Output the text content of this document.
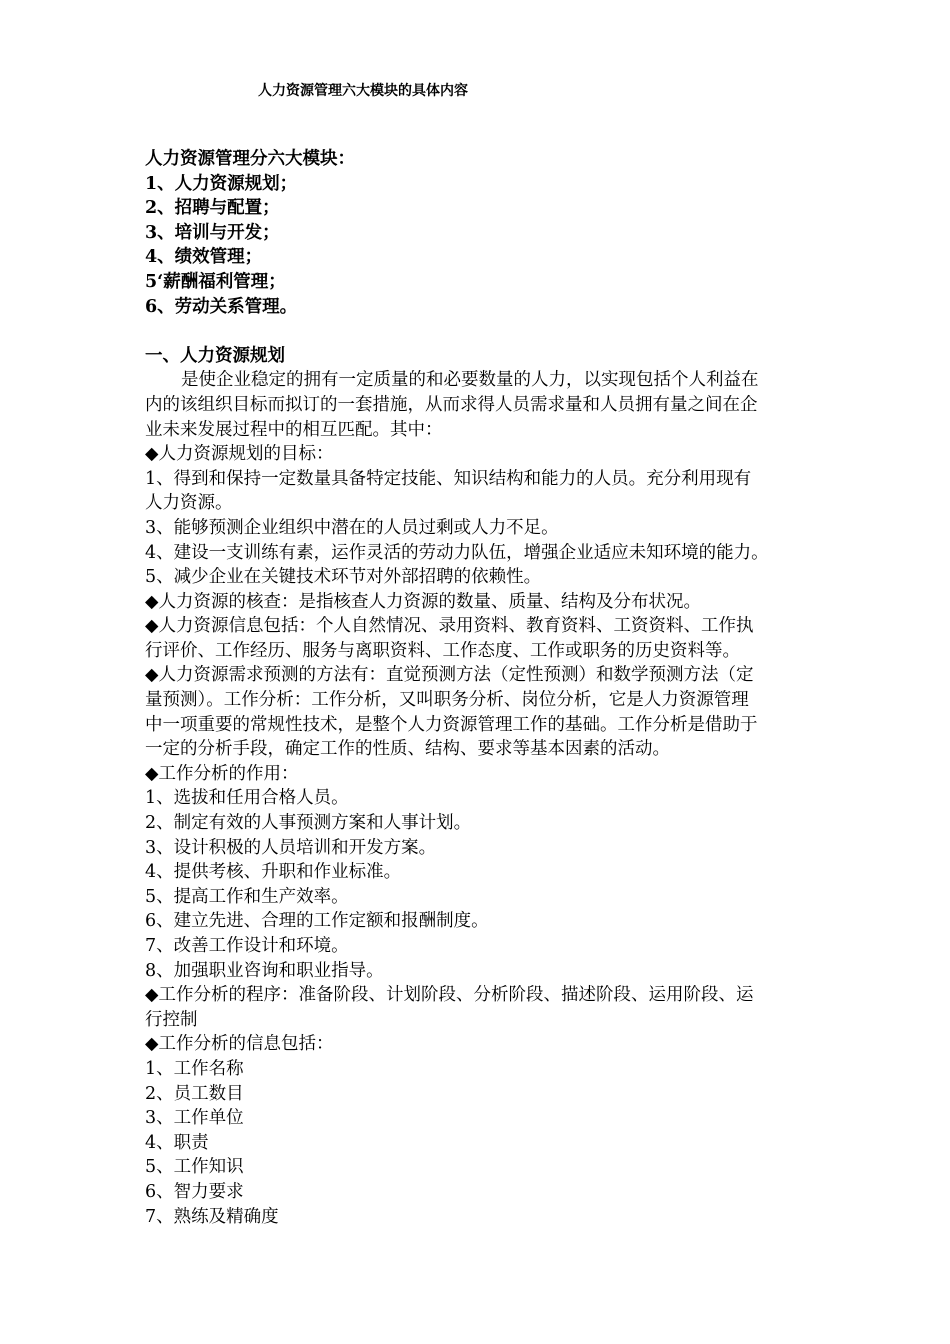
人力资源管理六大模块的具体内容
人力资源管理分六大模块：
1、人力资源规划；
2、招聘与配置；
3、培训与开发；
4、绩效管理；
5‘薪酬福利管理；
6、劳动关系管理。
一、人力资源规划
是使企业稳定的拥有一定质量的和必要数量的人力，以实现包括个人利益在
内的该组织目标而拟订的一套措施，从而求得人员需求量和人员拥有量之间在企
业未来发展过程中的相互匹配。其中：
◆人力资源规划的目标：
1、得到和保持一定数量具备特定技能、知识结构和能力的人员。充分利用现有
人力资源。
3、能够预测企业组织中潜在的人员过剩或人力不足。
4、建设一支训练有素，运作灵活的劳动力队伍，增强企业适应未知环境的能力。
5、减少企业在关键技术环节对外部招聘的依赖性。
◆人力资源的核查：是指核查人力资源的数量、质量、结构及分布状况。
◆人力资源信息包括：个人自然情况、录用资料、教育资料、工资资料、工作执
行评价、工作经历、服务与离职资料、工作态度、工作或职务的历史资料等。
◆人力资源需求预测的方法有：直觉预测方法（定性预测）和数学预测方法（定
量预测）。工作分析：工作分析，又叫职务分析、岗位分析，它是人力资源管理
中一项重要的常规性技术，是整个人力资源管理工作的基础。工作分析是借助于
一定的分析手段，确定工作的性质、结构、要求等基本因素的活动。
◆工作分析的作用：
1、选拔和任用合格人员。
2、制定有效的人事预测方案和人事计划。
3、设计积极的人员培训和开发方案。
4、提供考核、升职和作业标准。
5、提高工作和生产效率。
6、建立先进、合理的工作定额和报酬制度。
7、改善工作设计和环境。
8、加强职业咨询和职业指导。
◆工作分析的程序：准备阶段、计划阶段、分析阶段、描述阶段、运用阶段、运
行控制
◆工作分析的信息包括：
1、工作名称
2、员工数目
3、工作单位
4、职责
5、工作知识
6、智力要求
7、熟练及精确度
